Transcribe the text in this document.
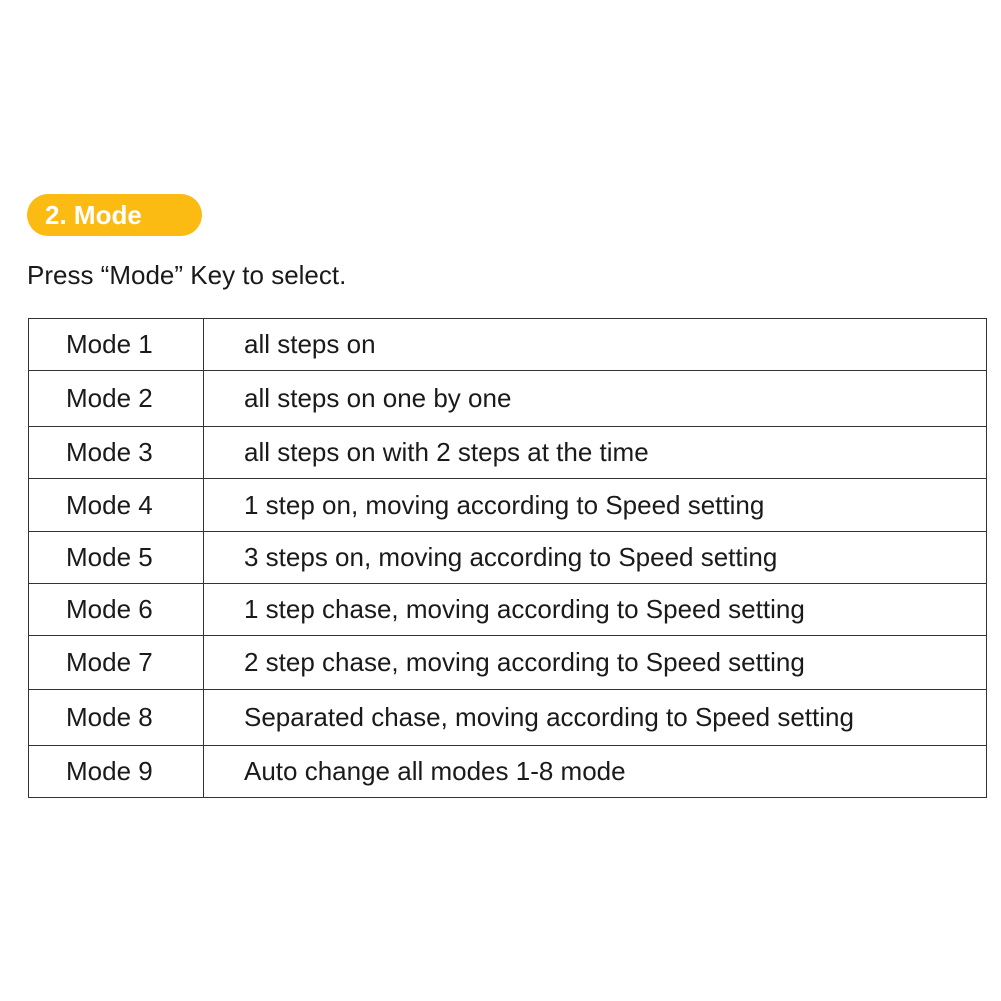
2. Mode
Press “Mode” Key to select.
Mode 1	all steps on
Mode 2	all steps on one by one
Mode 3	all steps on with 2 steps at the time
Mode 4	1 step on, moving according to Speed setting
Mode 5	3 steps on, moving according to Speed setting
Mode 6	1 step chase, moving according to Speed setting
Mode 7	2 step chase, moving according to Speed setting
Mode 8	Separated chase, moving according to Speed setting
Mode 9	Auto change all modes 1-8 mode
